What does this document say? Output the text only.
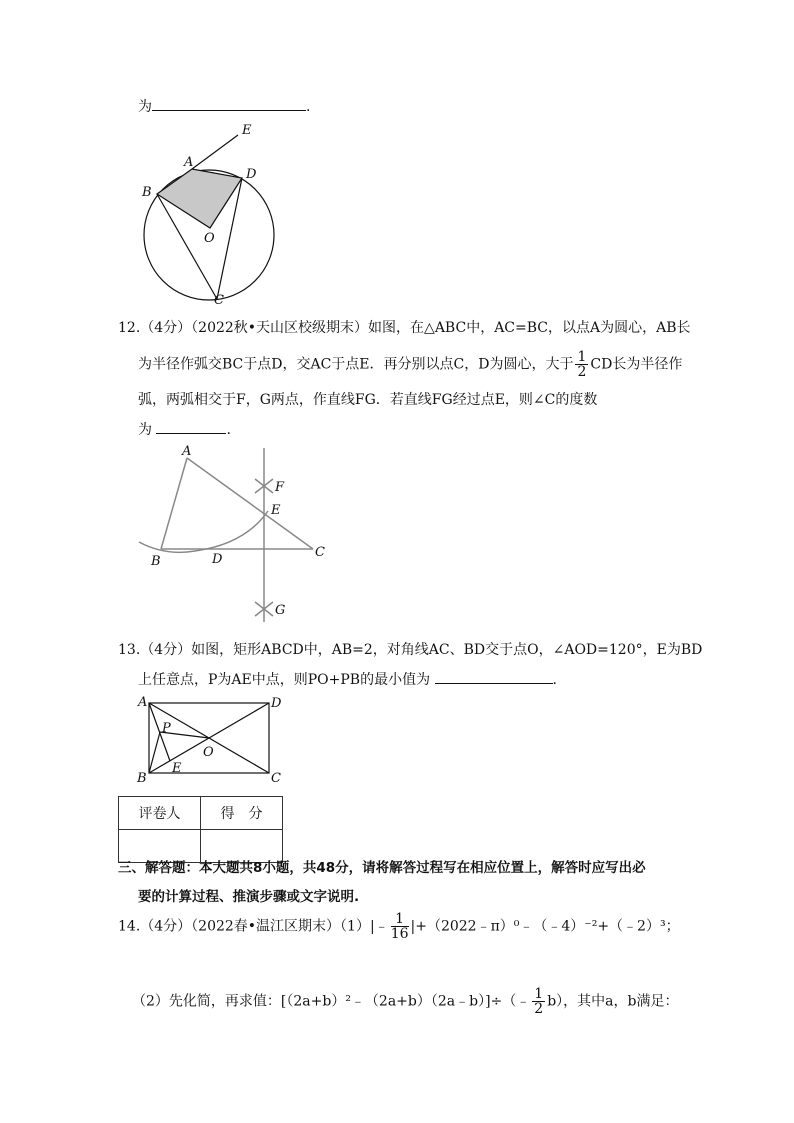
为	.
E
A
D
B
O
C
12.（4分）（2022秋•天山区校级期末）如图，在△ABC中，AC=BC，以点A为圆心，AB长
为半径作弧交BC于点D，交AC于点E．再分别以点C，D为圆心，大于 $\frac{1}{2}$ CD长为半径作
弧，两弧相交于F，G两点，作直线FG．若直线FG经过点E，则∠C的度数
为	.
A
F
E
B	D	C
G
13.（4分）如图，矩形ABCD中，AB=2，对角线AC、BD交于点O，∠AOD=120°，E为BD
上任意点，P为AE中点，则PO+PB的最小值为	.
A	D
P
O
B
E
C
评卷人	得　分

三、解答题：本大题共8小题，共48分，请将解答过程写在相应位置上，解答时应写出必
要的计算过程、推演步骤或文字说明.
14.（4分）（2022春•温江区期末）（1）|﹣ $\frac{1}{16}$ |+（2022﹣π）⁰﹣（﹣4）⁻²+（﹣2）³；
（2）先化简，再求值：[（2a+b）²﹣（2a+b）（2a﹣b）]÷（﹣ $\frac{1}{2} b$），其中a，b满足：
